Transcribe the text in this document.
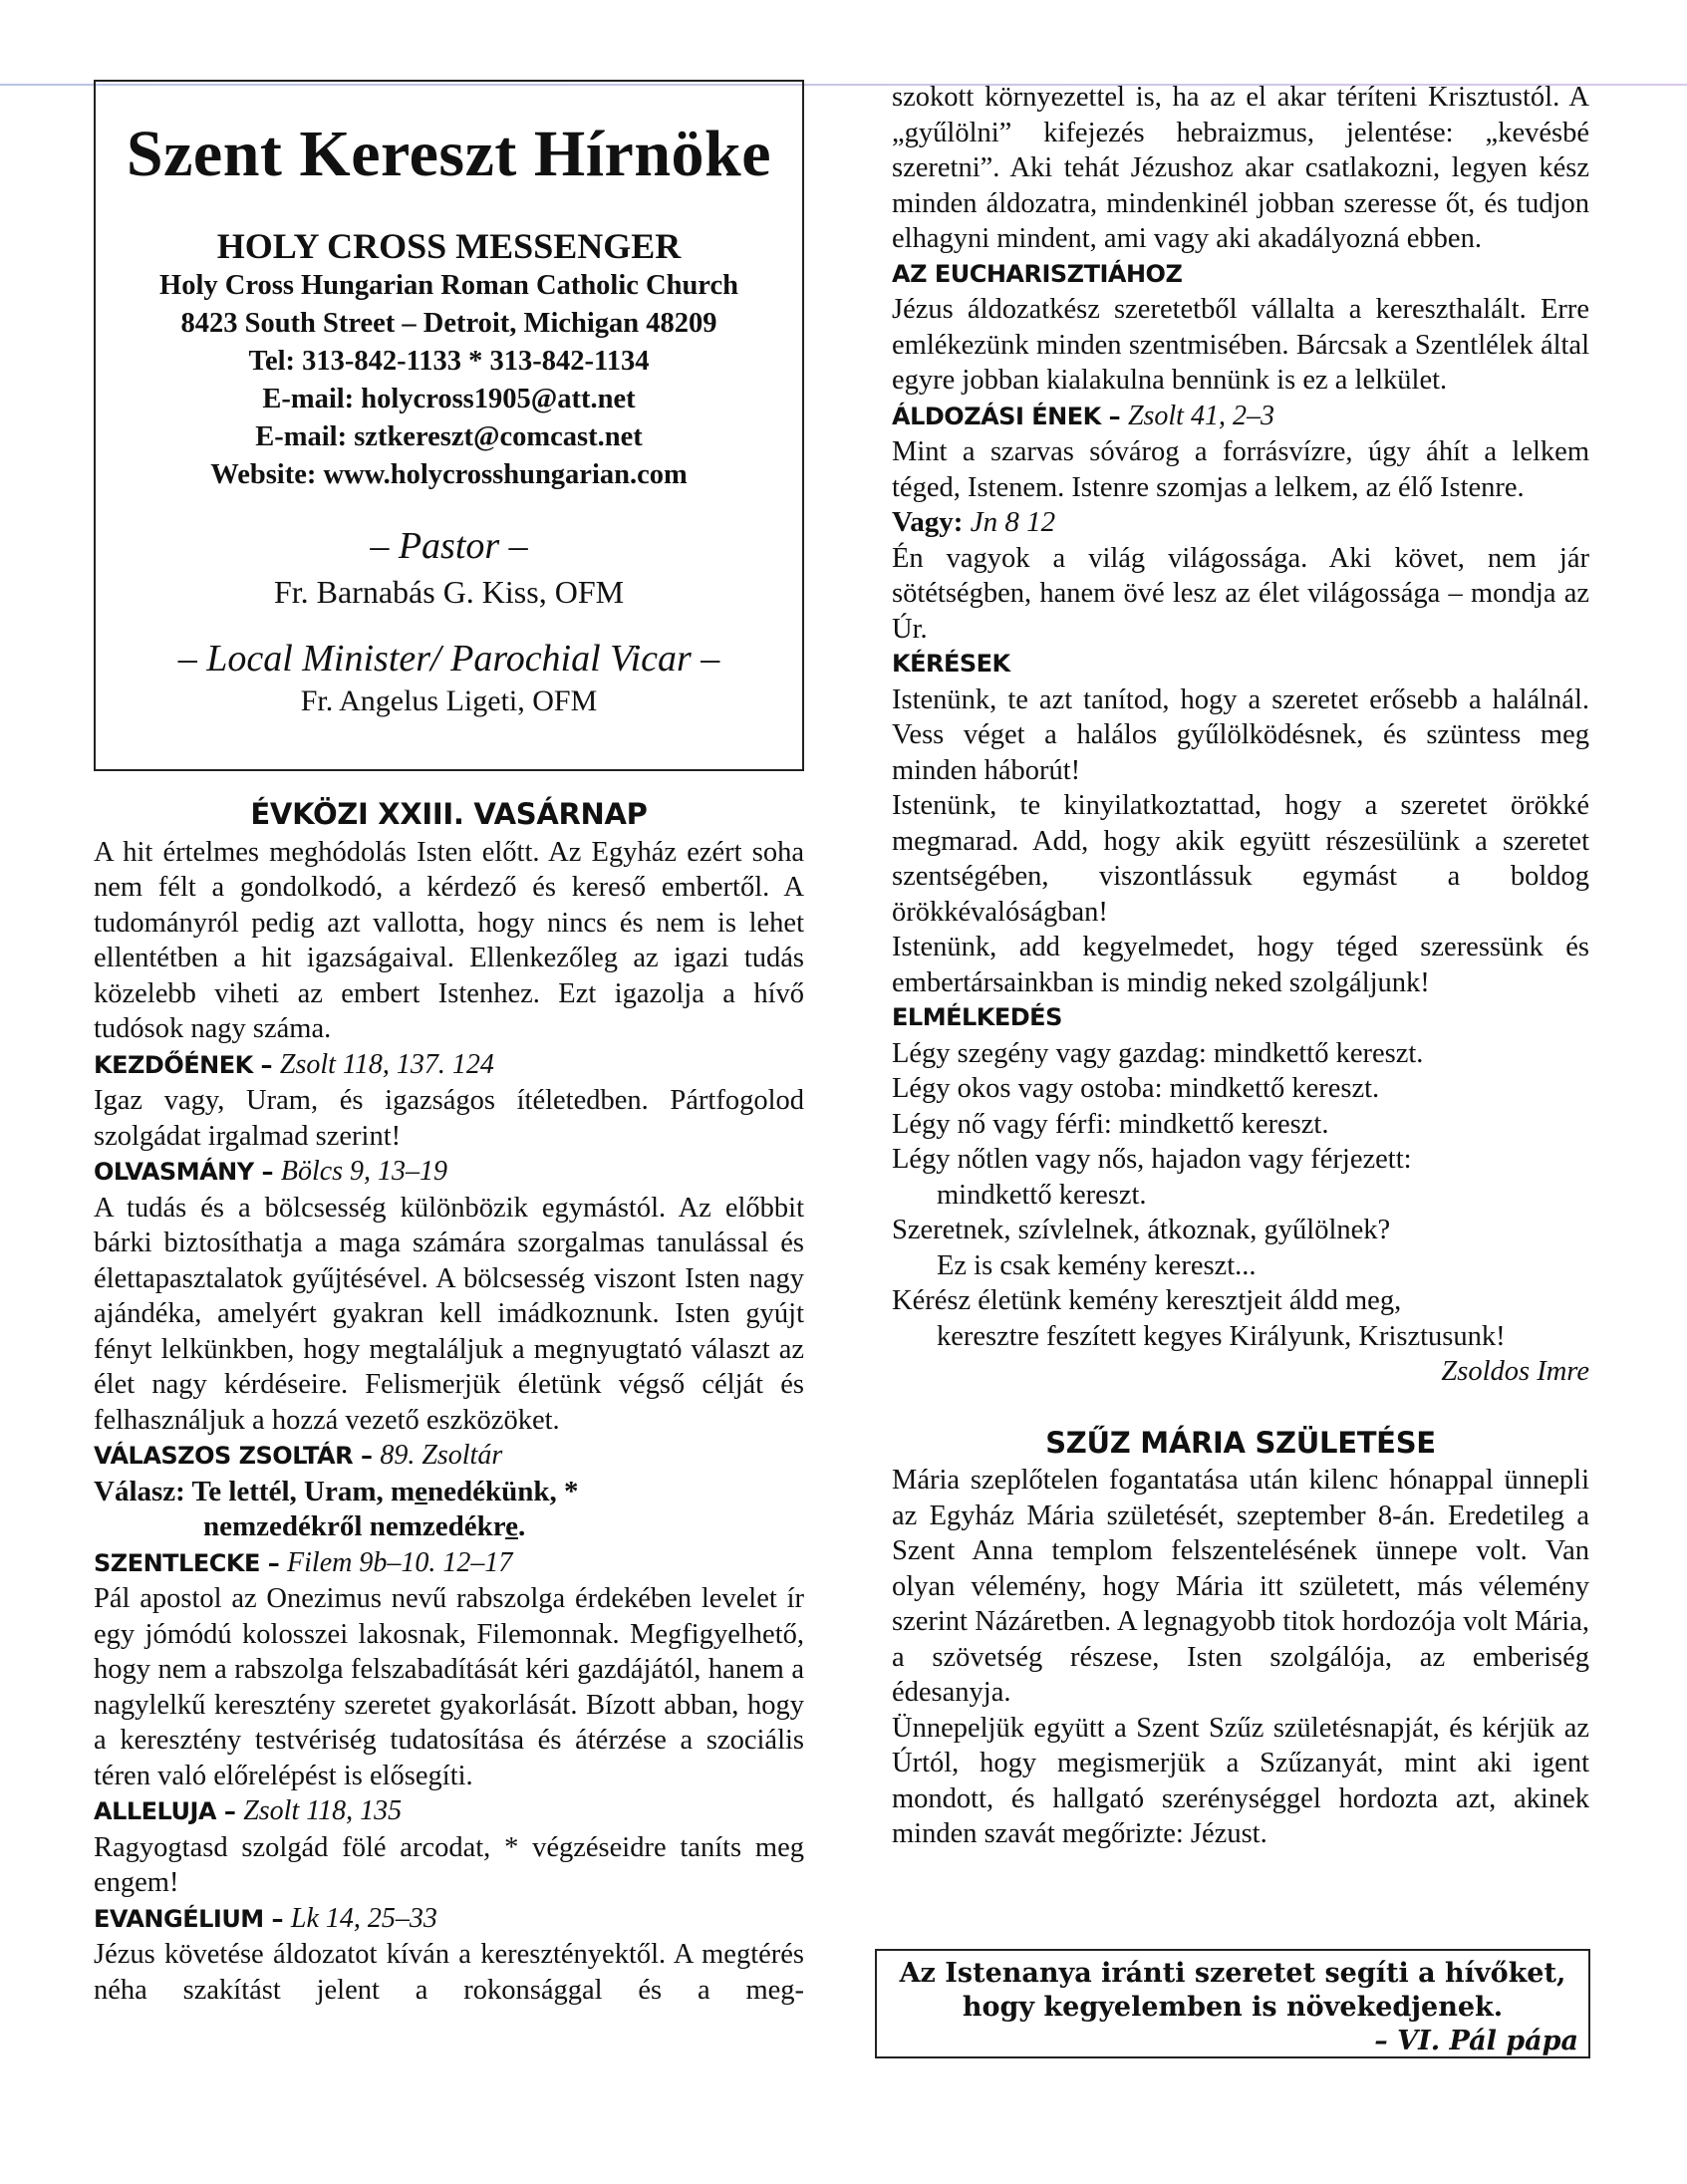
Szent Kereszt Hírnöke
HOLY CROSS MESSENGER
Holy Cross Hungarian Roman Catholic Church
8423 South Street – Detroit, Michigan 48209
Tel: 313-842-1133 * 313-842-1134
E-mail: holycross1905@att.net
E-mail: sztkereszt@comcast.net
Website: www.holycrosshungarian.com
– Pastor –
Fr. Barnabás G. Kiss, OFM
– Local Minister/ Parochial Vicar –
Fr. Angelus Ligeti, OFM
ÉVKÖZI XXIII. VASÁRNAP

A hit értelmes meghódolás Isten előtt. Az Egyház ezért soha nem félt a gondolkodó, a kérdező és kereső embertől. A tudományról pedig azt vallotta, hogy nincs és nem is lehet ellentétben a hit igazságaival. Ellenkezőleg az igazi tudás közelebb viheti az embert Istenhez. Ezt igazolja a hívő tudósok nagy száma.

KEZDŐÉNEK – Zsolt 118, 137. 124

Igaz vagy, Uram, és igazságos ítéletedben. Pártfogolod szolgádat irgalmad szerint!

OLVASMÁNY – Bölcs 9, 13–19

A tudás és a bölcsesség különbözik egymástól. Az előbbit bárki biztosíthatja a maga számára szorgalmas tanulással és élettapasztalatok gyűjtésével. A bölcsesség viszont Isten nagy ajándéka, amelyért gyakran kell imádkoznunk. Isten gyújt fényt lelkünkben, hogy megtaláljuk a megnyugtató választ az élet nagy kérdéseire. Felismerjük életünk végső célját és felhasználjuk a hozzá vezető eszközöket.

VÁLASZOS ZSOLTÁR – 89. Zsoltár
Válasz: Te lettél, Uram, menedékünk, *
nemzedékről nemzedékre.
SZENTLECKE – Filem 9b–10. 12–17

Pál apostol az Onezimus nevű rabszolga érdekében levelet ír egy jómódú kolosszei lakosnak, Filemonnak. Megfigyelhető, hogy nem a rabszolga felszabadítását kéri gazdájától, hanem a nagylelkű keresztény szeretet gyakorlását. Bízott abban, hogy a keresztény testvériség tudatosítása és átérzése a szociális téren való előrelépést is elősegíti.

ALLELUJA – Zsolt 118, 135

Ragyogtasd szolgád fölé arcodat, * végzéseidre taníts meg engem!

EVANGÉLIUM – Lk 14, 25–33

Jézus követése áldozatot kíván a keresztényektől. A megtérés néha szakítást jelent a rokonsággal és a meg-

szokott környezettel is, ha az el akar téríteni Krisztustól. A „gyűlölni” kifejezés hebraizmus, jelentése: „kevésbé szeretni”. Aki tehát Jézushoz akar csatlakozni, legyen kész minden áldozatra, mindenkinél jobban szeresse őt, és tudjon elhagyni mindent, ami vagy aki akadályozná ebben.

AZ EUCHARISZTIÁHOZ

Jézus áldozatkész szeretetből vállalta a kereszthalált. Erre emlékezünk minden szentmisében. Bárcsak a Szentlélek által egyre jobban kialakulna bennünk is ez a lelkület.

ÁLDOZÁSI ÉNEK – Zsolt 41, 2–3

Mint a szarvas sóvárog a forrásvízre, úgy áhít a lelkem téged, Istenem. Istenre szomjas a lelkem, az élő Istenre.

Vagy: Jn 8 12

Én vagyok a világ világossága. Aki követ, nem jár sötétségben, hanem övé lesz az élet világossága – mondja az Úr.

KÉRÉSEK

Istenünk, te azt tanítod, hogy a szeretet erősebb a halálnál. Vess véget a halálos gyűlölködésnek, és szüntess meg minden háborút!

Istenünk, te kinyilatkoztattad, hogy a szeretet örökké megmarad. Add, hogy akik együtt részesülünk a szeretet szentségében, viszontlássuk egymást a boldog örökkévalóságban!

Istenünk, add kegyelmedet, hogy téged szeressünk és embertársainkban is mindig neked szolgáljunk!

ELMÉLKEDÉS
Légy szegény vagy gazdag: mindkettő kereszt.
Légy okos vagy ostoba: mindkettő kereszt.
Légy nő vagy férfi: mindkettő kereszt.
Légy nőtlen vagy nős, hajadon vagy férjezett:
mindkettő kereszt.
Szeretnek, szívlelnek, átkoznak, gyűlölnek?
Ez is csak kemény kereszt...
Kérész életünk kemény keresztjeit áldd meg,
keresztre feszített kegyes Királyunk, Krisztusunk!
Zsoldos Imre
SZŰZ MÁRIA SZÜLETÉSE

Mária szeplőtelen fogantatása után kilenc hónappal ünnepli az Egyház Mária születését, szeptember 8-án. Eredetileg a Szent Anna templom felszentelésének ünnepe volt. Van olyan vélemény, hogy Mária itt született, más vélemény szerint Názáretben. A legnagyobb titok hordozója volt Mária, a szövetség részese, Isten szolgálója, az emberiség édesanyja.

Ünnepeljük együtt a Szent Szűz születésnapját, és kérjük az Úrtól, hogy megismerjük a Szűzanyát, mint aki igent mondott, és hallgató szerénységgel hordozta azt, akinek minden szavát megőrizte: Jézust.

Az Istenanya iránti szeretet segíti a hívőket,
hogy kegyelemben is növekedjenek.
– VI. Pál pápa
